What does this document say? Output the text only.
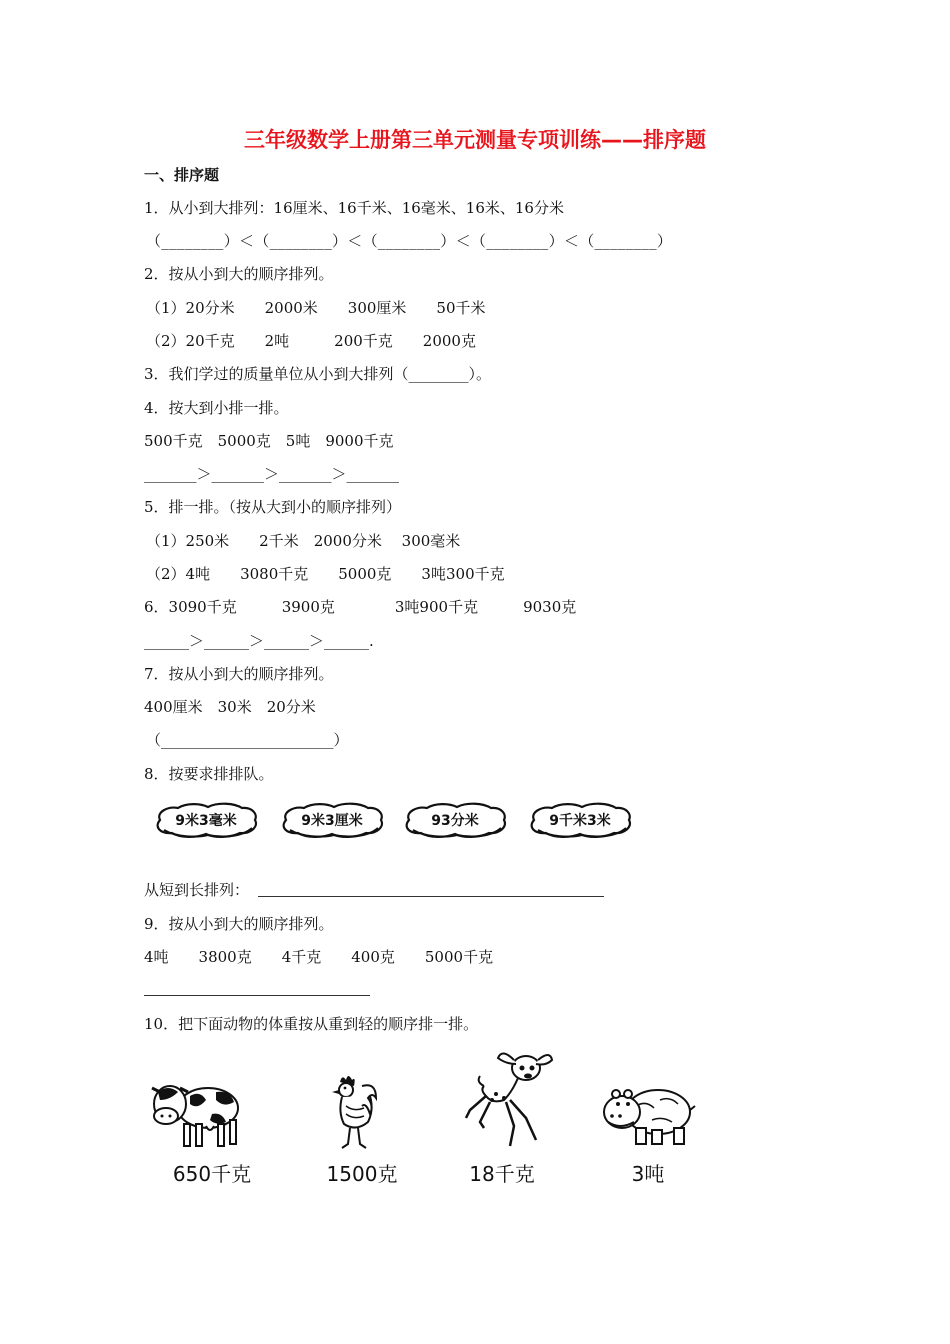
三年级数学上册第三单元测量专项训练——排序题
一、排序题
1．从小到大排列：16厘米、16千米、16毫米、16米、16分米
（________）＜（________）＜（________）＜（________）＜（________）
2．按从小到大的顺序排列。
（1）20分米　　2000米　　300厘米　　50千米
（2）20千克　　2吨　　　200千克　　2000克
3．我们学过的质量单位从小到大排列（________）。
4．按大到小排一排。
500千克　5000克　5吨　9000千克
_______＞_______＞_______＞_______
5．排一排。（按从大到小的顺序排列）
（1）250米　　2千米　2000分米　 300毫米
（2）4吨　　3080千克　　5000克　　3吨300千克
6．3090千克　　　3900克　　　　3吨900千克　　　9030克
______＞______＞______＞______.
7．按从小到大的顺序排列。
400厘米　30米　20分米
（_______________________）
8．按要求排排队。
9米3毫米	9米3厘米	93分米	9千米3米
从短到长排列：
9．按从小到大的顺序排列。
4吨　　3800克　　4千克　　400克　　5000千克
10．把下面动物的体重按从重到轻的顺序排一排。
650千克	1500克	18千克	3吨
